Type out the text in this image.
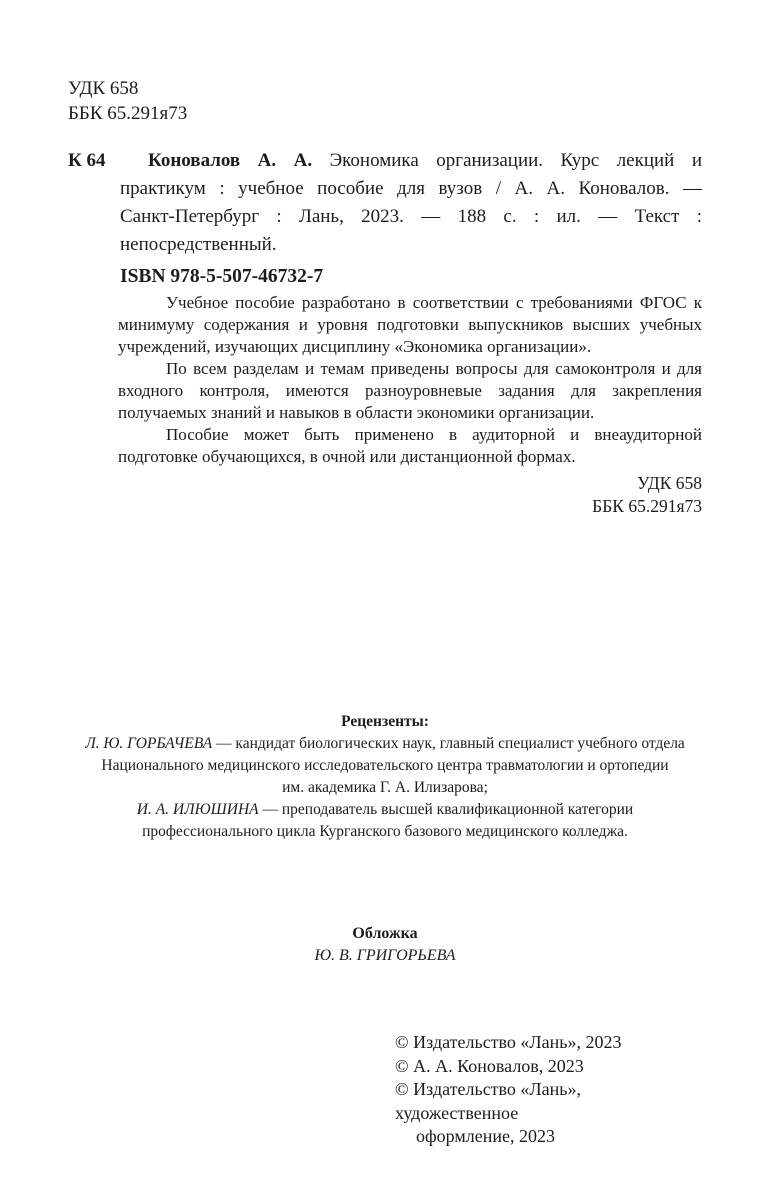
УДК 658
ББК 65.291я73
К 64	Коновалов А. А. Экономика организации. Курс лекций и
практикум : учебное пособие для вузов / А. А. Коновалов. —
Санкт-Петербург : Лань, 2023. — 188 с. : ил. — Текст :
непосредственный.
ISBN 978-5-507-46732-7
Учебное пособие разработано в соответствии с требованиями ФГОС к
минимуму содержания и уровня подготовки выпускников высших учебных
учреждений, изучающих дисциплину «Экономика организации».
По всем разделам и темам приведены вопросы для самоконтроля и для
входного контроля, имеются разноуровневые задания для закрепления
получаемых знаний и навыков в области экономики организации.
Пособие может быть применено в аудиторной и внеаудиторной
подготовке обучающихся, в очной или дистанционной формах.
УДК 658
ББК 65.291я73
Рецензенты:
Л. Ю. ГОРБАЧЕВА — кандидат биологических наук, главный специалист учебного отдела
Национального медицинского исследовательского центра травматологии и ортопедии
им. академика Г. А. Илизарова;
И. А. ИЛЮШИНА — преподаватель высшей квалификационной категории
профессионального цикла Курганского базового медицинского колледжа.
Обложка
Ю. В. ГРИГОРЬЕВА
© Издательство «Лань», 2023
© А. А. Коновалов, 2023
© Издательство «Лань», художественное
оформление, 2023
